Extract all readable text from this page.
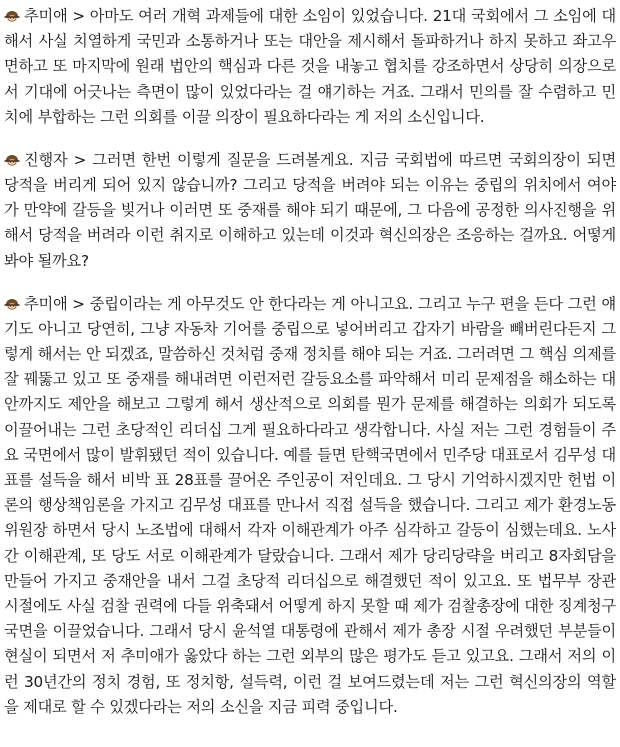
추미애 > 아마도 여러 개혁 과제들에 대한 소임이 있었습니다. 21대 국회에서 그 소임에 대해서 사실 치열하게 국민과 소통하거나 또는 대안을 제시해서 돌파하거나 하지 못하고 좌고우면하고 또 마지막에 원래 법안의 핵심과 다른 것을 내놓고 협치를 강조하면서 상당히 의장으로서 기대에 어긋나는 측면이 많이 있었다라는 걸 얘기하는 거죠. 그래서 민의를 잘 수렴하고 민치에 부합하는 그런 의회를 이끌 의장이 필요하다라는 게 저의 소신입니다.

진행자 > 그러면 한번 이렇게 질문을 드려볼게요. 지금 국회법에 따르면 국회의장이 되면 당적을 버리게 되어 있지 않습니까? 그리고 당적을 버려야 되는 이유는 중립의 위치에서 여야가 만약에 갈등을 빚거나 이러면 또 중재를 해야 되기 때문에, 그 다음에 공정한 의사진행을 위해서 당적을 버려라 이런 취지로 이해하고 있는데 이것과 혁신의장은 조응하는 걸까요. 어떻게 봐야 될까요?

추미애 > 중립이라는 게 아무것도 안 한다라는 게 아니고요. 그리고 누구 편을 든다 그런 얘기도 아니고 당연히, 그냥 자동차 기어를 중립으로 넣어버리고 갑자기 바람을 빼버린다든지 그렇게 해서는 안 되겠죠, 말씀하신 것처럼 중재 정치를 해야 되는 거죠. 그러려면 그 핵심 의제를 잘 꿰뚫고 있고 또 중재를 해내려면 이런저런 갈등요소를 파악해서 미리 문제점을 해소하는 대안까지도 제안을 해보고 그렇게 해서 생산적으로 의회를 뭔가 문제를 해결하는 의회가 되도록 이끌어내는 그런 초당적인 리더십 그게 필요하다라고 생각합니다. 사실 저는 그런 경험들이 주요 국면에서 많이 발휘됐던 적이 있습니다. 예를 들면 탄핵국면에서 민주당 대표로서 김무성 대표를 설득을 해서 비박 표 28표를 끌어온 주인공이 저인데요. 그 당시 기억하시겠지만 헌법 이론의 행상책임론을 가지고 김무성 대표를 만나서 직접 설득을 했습니다. 그리고 제가 환경노동위원장 하면서 당시 노조법에 대해서 각자 이해관계가 아주 심각하고 갈등이 심했는데요. 노사 간 이해관계, 또 당도 서로 이해관계가 달랐습니다. 그래서 제가 당리당략을 버리고 8자회담을 만들어 가지고 중재안을 내서 그걸 초당적 리더십으로 해결했던 적이 있고요. 또 법무부 장관 시절에도 사실 검찰 권력에 다들 위축돼서 어떻게 하지 못할 때 제가 검찰총장에 대한 징계청구 국면을 이끌었습니다. 그래서 당시 윤석열 대통령에 관해서 제가 총장 시절 우려했던 부분들이 현실이 되면서 저 추미애가 옳았다 하는 그런 외부의 많은 평가도 듣고 있고요. 그래서 저의 이런 30년간의 정치 경험, 또 정치항, 설득력, 이런 걸 보여드렸는데 저는 그런 혁신의장의 역할을 제대로 할 수 있겠다라는 저의 소신을 지금 피력 중입니다.
